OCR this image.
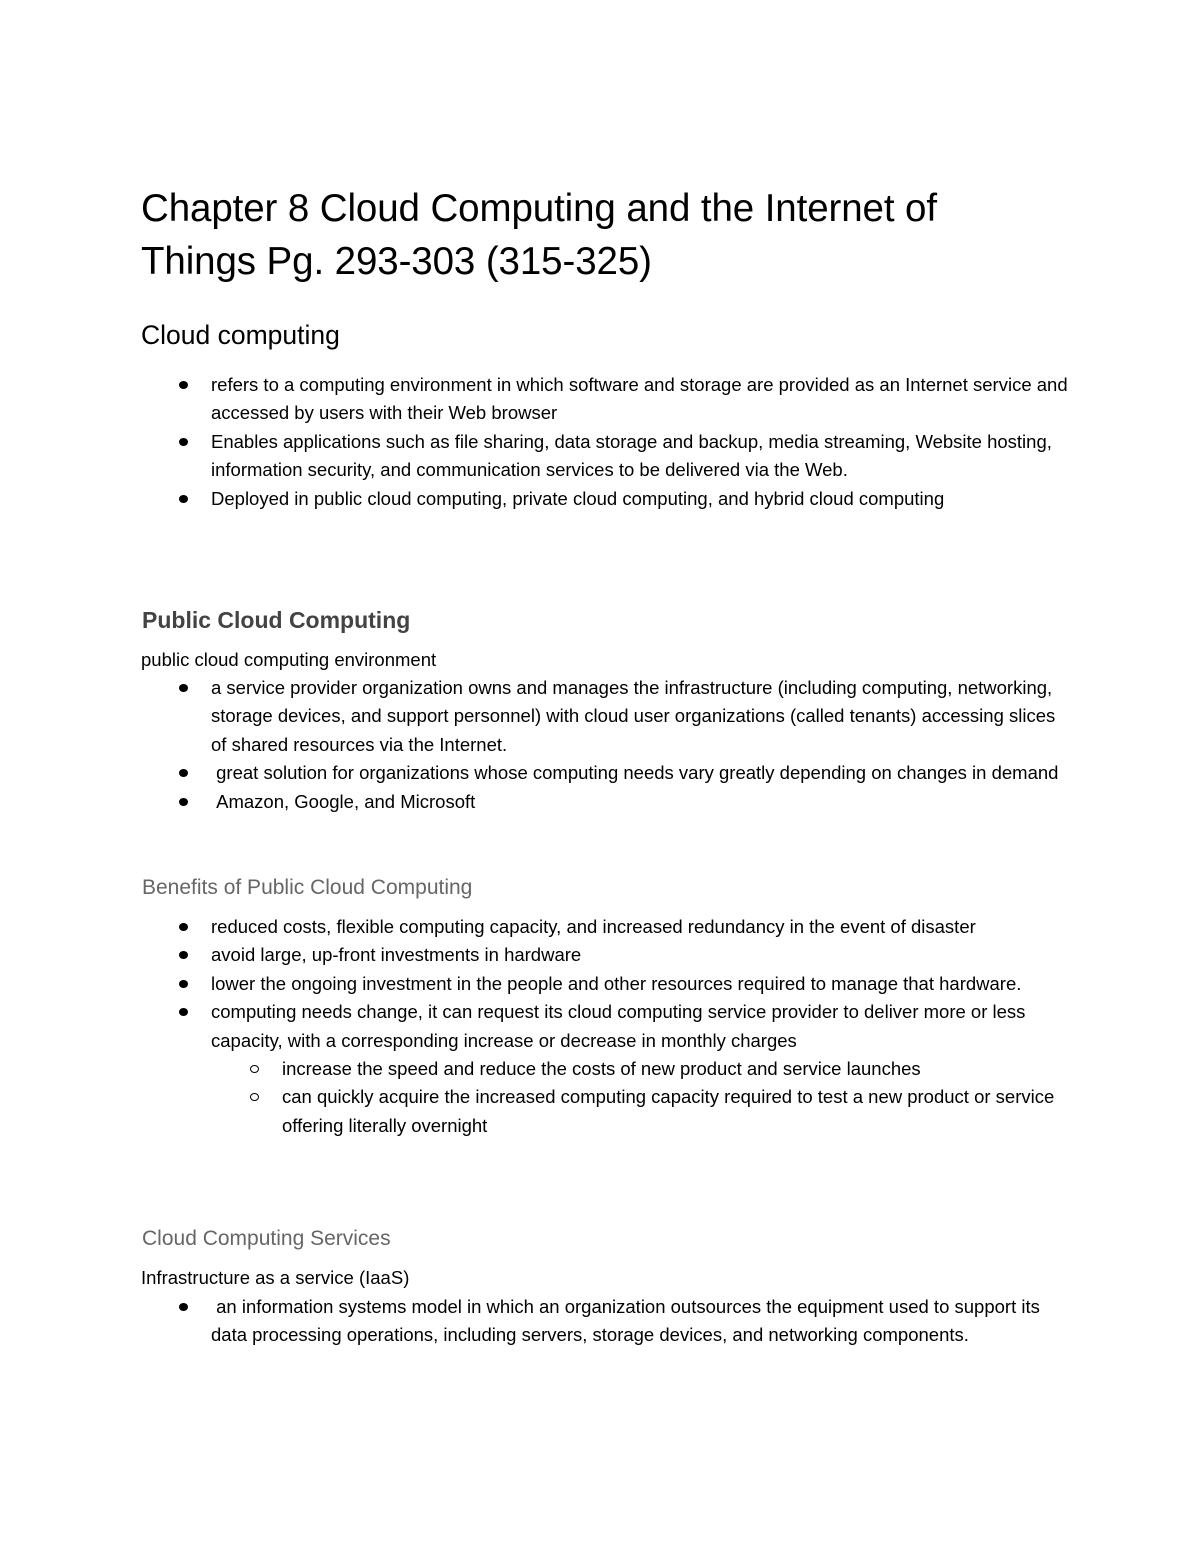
Chapter 8 Cloud Computing and the Internet of
Things Pg. 293-303 (315-325)
Cloud computing
refers to a computing environment in which software and storage are provided as an Internet service and accessed by users with their Web browser
Enables applications such as file sharing, data storage and backup, media streaming, Website hosting, information security, and communication services to be delivered via the Web.
Deployed in public cloud computing, private cloud computing, and hybrid cloud computing
Public Cloud Computing

public cloud computing environment

a service provider organization owns and manages the infrastructure (including computing, networking, storage devices, and support personnel) with cloud user organizations (called tenants) accessing slices of shared resources via the Internet.
great solution for organizations whose computing needs vary greatly depending on changes in demand
Amazon, Google, and Microsoft
Benefits of Public Cloud Computing
reduced costs, flexible computing capacity, and increased redundancy in the event of disaster
avoid large, up-front investments in hardware
lower the ongoing investment in the people and other resources required to manage that hardware.
computing needs change, it can request its cloud computing service provider to deliver more or less capacity, with a corresponding increase or decrease in monthly charges
increase the speed and reduce the costs of new product and service launches
can quickly acquire the increased computing capacity required to test a new product or service offering literally overnight
Cloud Computing Services

Infrastructure as a service (IaaS)

an information systems model in which an organization outsources the equipment used to support its data processing operations, including servers, storage devices, and networking components.
